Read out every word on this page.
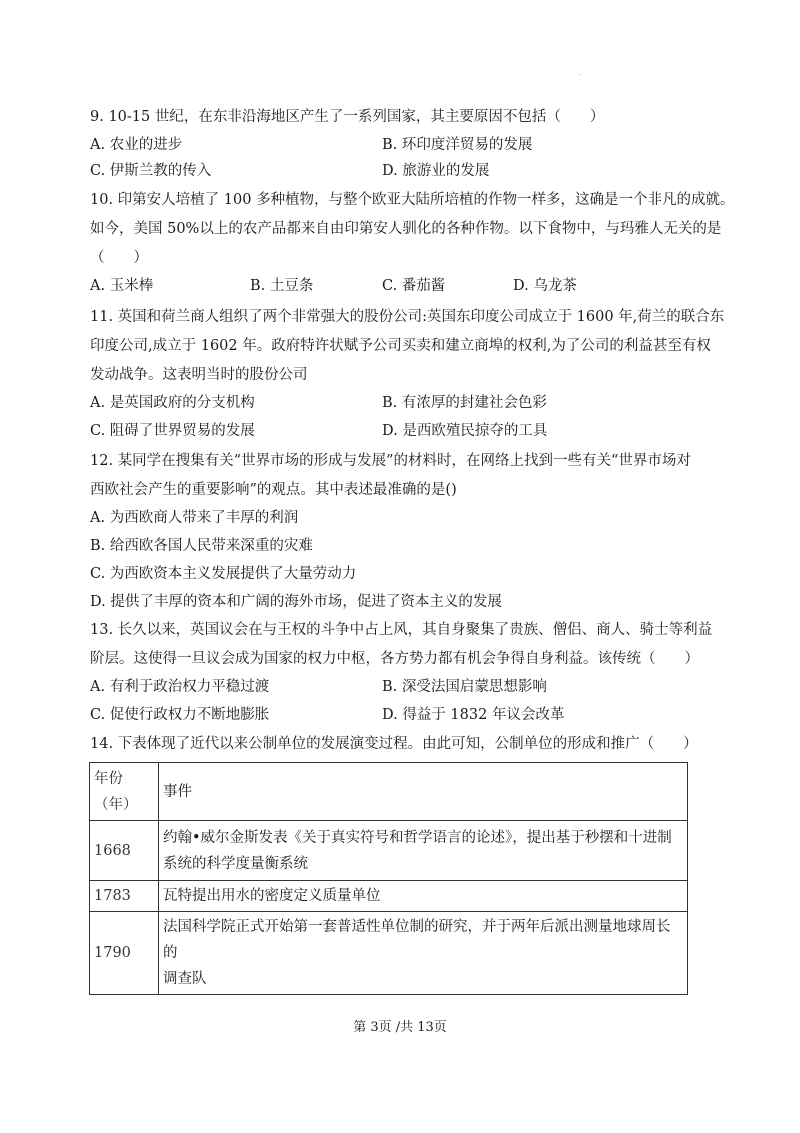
-
9. 10-15 世纪，在东非沿海地区产生了一系列国家，其主要原因不包括（　　）
A. 农业的进步	B. 环印度洋贸易的发展
C. 伊斯兰教的传入	D. 旅游业的发展
10. 印第安人培植了 100 多种植物，与整个欧亚大陆所培植的作物一样多，这确是一个非凡的成就。
如今，美国 50%以上的农产品都来自由印第安人驯化的各种作物。以下食物中，与玛雅人无关的是
（　　）
A. 玉米棒	B. 土豆条	C. 番茄酱	D. 乌龙茶
11. 英国和荷兰商人组织了两个非常强大的股份公司:英国东印度公司成立于 1600 年,荷兰的联合东
印度公司,成立于 1602 年。政府特许状赋予公司买卖和建立商埠的权利,为了公司的利益甚至有权
发动战争。这表明当时的股份公司
A. 是英国政府的分支机构	B. 有浓厚的封建社会色彩
C. 阻碍了世界贸易的发展	D. 是西欧殖民掠夺的工具
12. 某同学在搜集有关“世界市场的形成与发展”的材料时，在网络上找到一些有关“世界市场对
西欧社会产生的重要影响”的观点。其中表述最准确的是()
A. 为西欧商人带来了丰厚的利润
B. 给西欧各国人民带来深重的灾难
C. 为西欧资本主义发展提供了大量劳动力
D. 提供了丰厚的资本和广阔的海外市场，促进了资本主义的发展
13. 长久以来，英国议会在与王权的斗争中占上风，其自身聚集了贵族、僧侣、商人、骑士等利益
阶层。这使得一旦议会成为国家的权力中枢，各方势力都有机会争得自身利益。该传统（　　）
A. 有利于政治权力平稳过渡	B. 深受法国启蒙思想影响
C. 促使行政权力不断地膨胀	D. 得益于 1832 年议会改革
14. 下表体现了近代以来公制单位的发展演变过程。由此可知，公制单位的形成和推广（　　）
年份
（年）	事件
1668	约翰•威尔金斯发表《关于真实符号和哲学语言的论述》，提出基于秒摆和十进制
系统的科学度量衡系统

1783	瓦特提出用水的密度定义质量单位
1790	法国科学院正式开始第一套普适性单位制的研究，并于两年后派出测量地球周长的
调查队
第 3页 /共 13页
